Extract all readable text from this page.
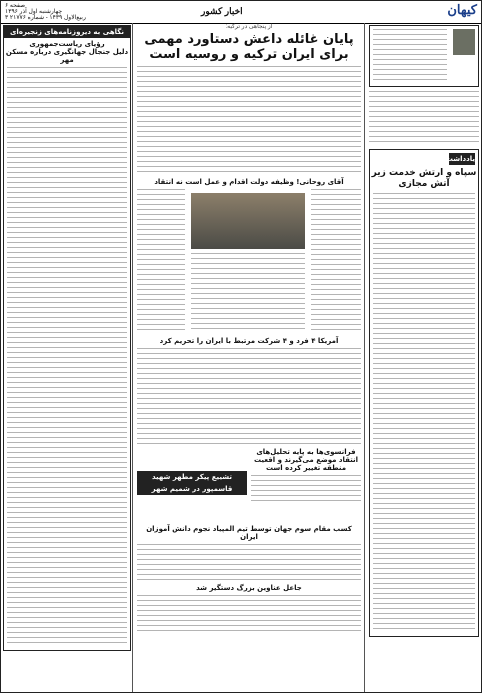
کیهان
اخبار کشور
صفحه ۶
چهارشنبه اول آذر ۱۳۹۶
۳ ربیع‌الاول ۱۴۳۹ - شماره ۲۱۷۷۶
یادداشت
سپاه و ارتش خدمت زیر آتش مجازی
از پنجاهی در ترکیه:
پایان غائله داعش دستاورد مهمی برای ایران ترکیه و روسیه است
آقای روحانی! وظیفه دولت اقدام و عمل است نه انتقاد
آمریکا ۴ فرد و ۴ شرکت مرتبط با ایران را تحریم کرد
فرانسوی‌ها به پایه تحلیل‌های انتقاد موضع می‌گیرند و اقعیت منطقه تغییر کرده است
تشییع پیکر مطهر شهید قاسمپور در شمیم شهر
کسب مقام سوم جهان توسط تیم المپیاد نجوم دانش آموزان ایران
جاعل عناوین بزرگ دستگیر شد
نگاهی به دیروزنامه‌های زنجیره‌ای
رؤیای ریاست‌جمهوری
دلیل جنجال جهانگیری درباره مسکن مهر
